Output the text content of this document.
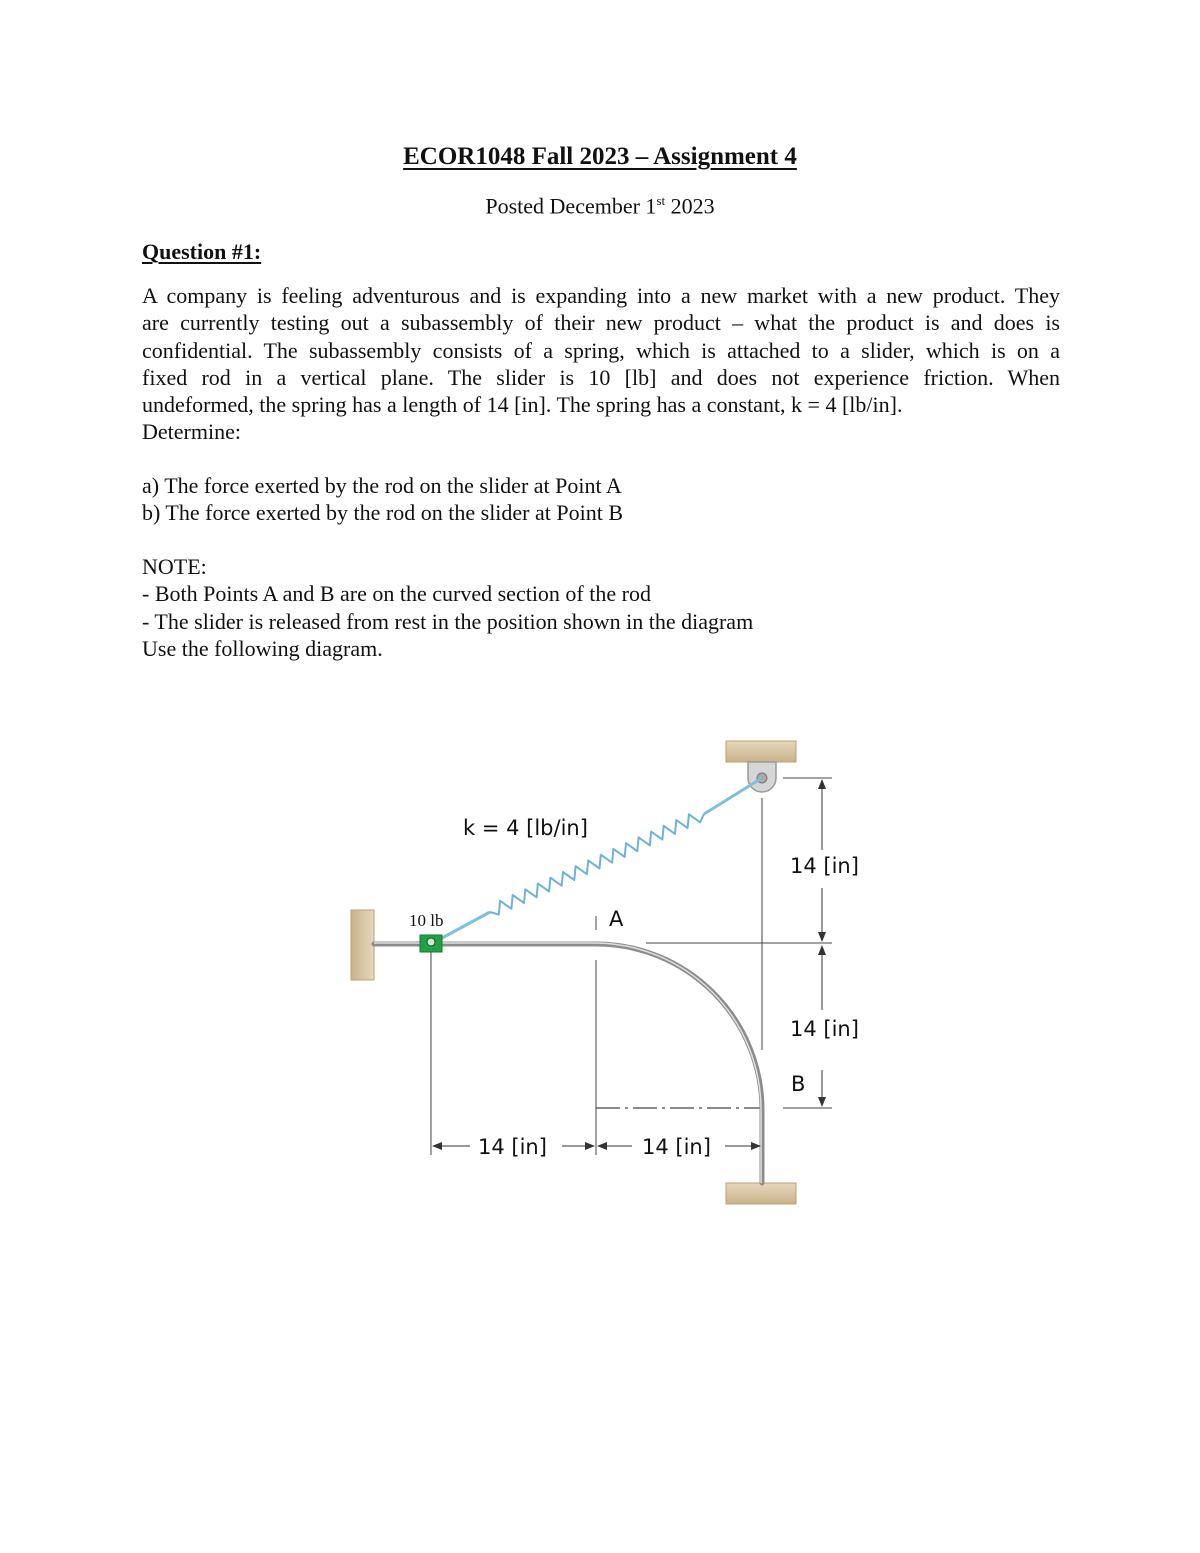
ECOR1048 Fall 2023 – Assignment 4
Posted December 1st 2023
Question #1:
A company is feeling adventurous and is expanding into a new market with a new product. They
are currently testing out a subassembly of their new product – what the product is and does is
confidential. The subassembly consists of a spring, which is attached to a slider, which is on a
fixed rod in a vertical plane. The slider is 10 [lb] and does not experience friction. When
undeformed, the spring has a length of 14 [in]. The spring has a constant, k = 4 [lb/in].
Determine:
a) The force exerted by the rod on the slider at Point A
b) The force exerted by the rod on the slider at Point B
NOTE:
- Both Points A and B are on the curved section of the rod
- The slider is released from rest in the position shown in the diagram
Use the following diagram.
k = 4 [lb/in]
10 lb	A
B
14 [in]
14 [in]
14 [in]	14 [in]
